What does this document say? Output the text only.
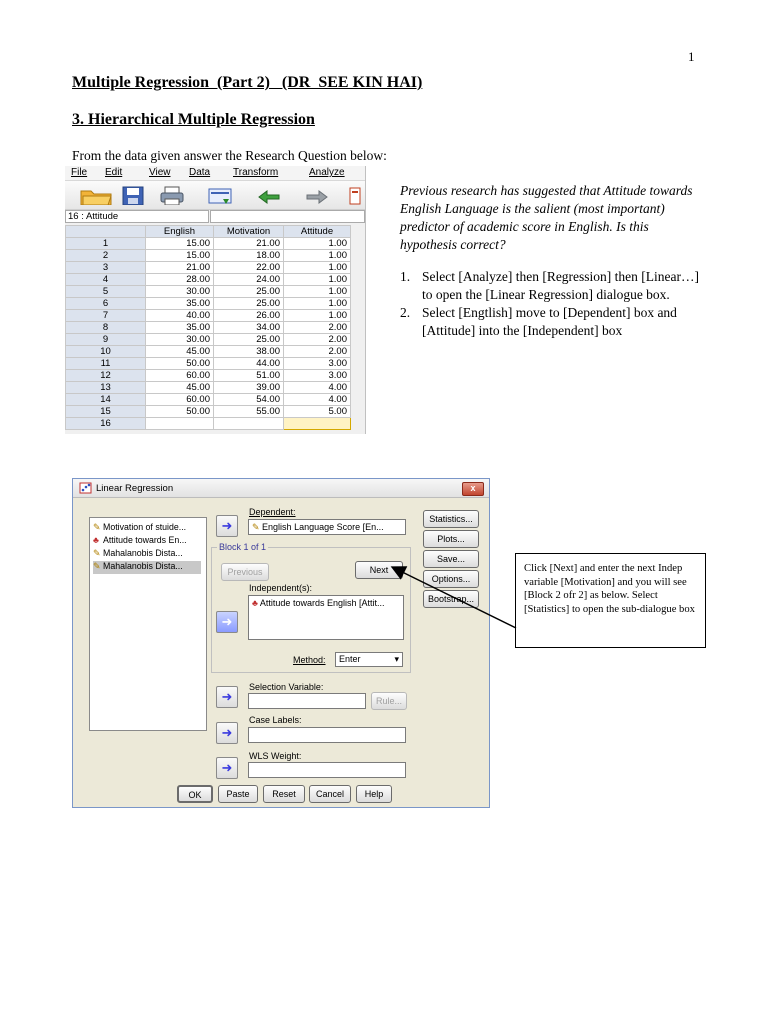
1
Multiple Regression  (Part 2)   (DR  SEE KIN HAI)
3. Hierarchical Multiple Regression
From the data given answer the Research Question below:
Previous research has suggested that Attitude towards English Language is the salient (most important) predictor of academic score in English. Is this hypothesis correct?
1. Select [Analyze] then [Regression] then [Linear…] to open the [Linear Regression] dialogue box.
2. Select [Engtlish] move to [Dependent] box and [Attitude] into the [Independent] box
File Edit	View Data Transform	Analyze
16 : Attitude
	English	Motivation	Attitude
1	15.00	21.00	1.00
2	15.00	18.00	1.00
3	21.00	22.00	1.00
4	28.00	24.00	1.00
5	30.00	25.00	1.00
6	35.00	25.00	1.00
7	40.00	26.00	1.00
8	35.00	34.00	2.00
9	30.00	25.00	2.00
10	45.00	38.00	2.00
11	50.00	44.00	3.00
12	60.00	51.00	3.00
13	45.00	39.00	4.00
14	60.00	54.00	4.00
15	50.00	55.00	5.00
16			
Linear Regression	x
✎ Motivation of stuide...
♣ Attitude towards En...
✎ Mahalanobis Dista...
✎ Mahalanobis Dista...
➜
Dependent:
✎ English Language Score [En...
Block 1 of 1
Previous	Next
Independent(s):
➜
♣ Attitude towards English [Attit...
Method:	Enter	▾
Selection Variable:
➜	Rule...
Case Labels:
➜
WLS Weight:
➜
Statistics...
Plots...
Save...
Options...
Bootstrap...
OK	Paste	Reset	Cancel	Help
Click [Next] and enter the next Indep variable [Motivation] and you will see [Block 2 ofr 2] as below. Select [Statistics] to open the sub-dialogue box
